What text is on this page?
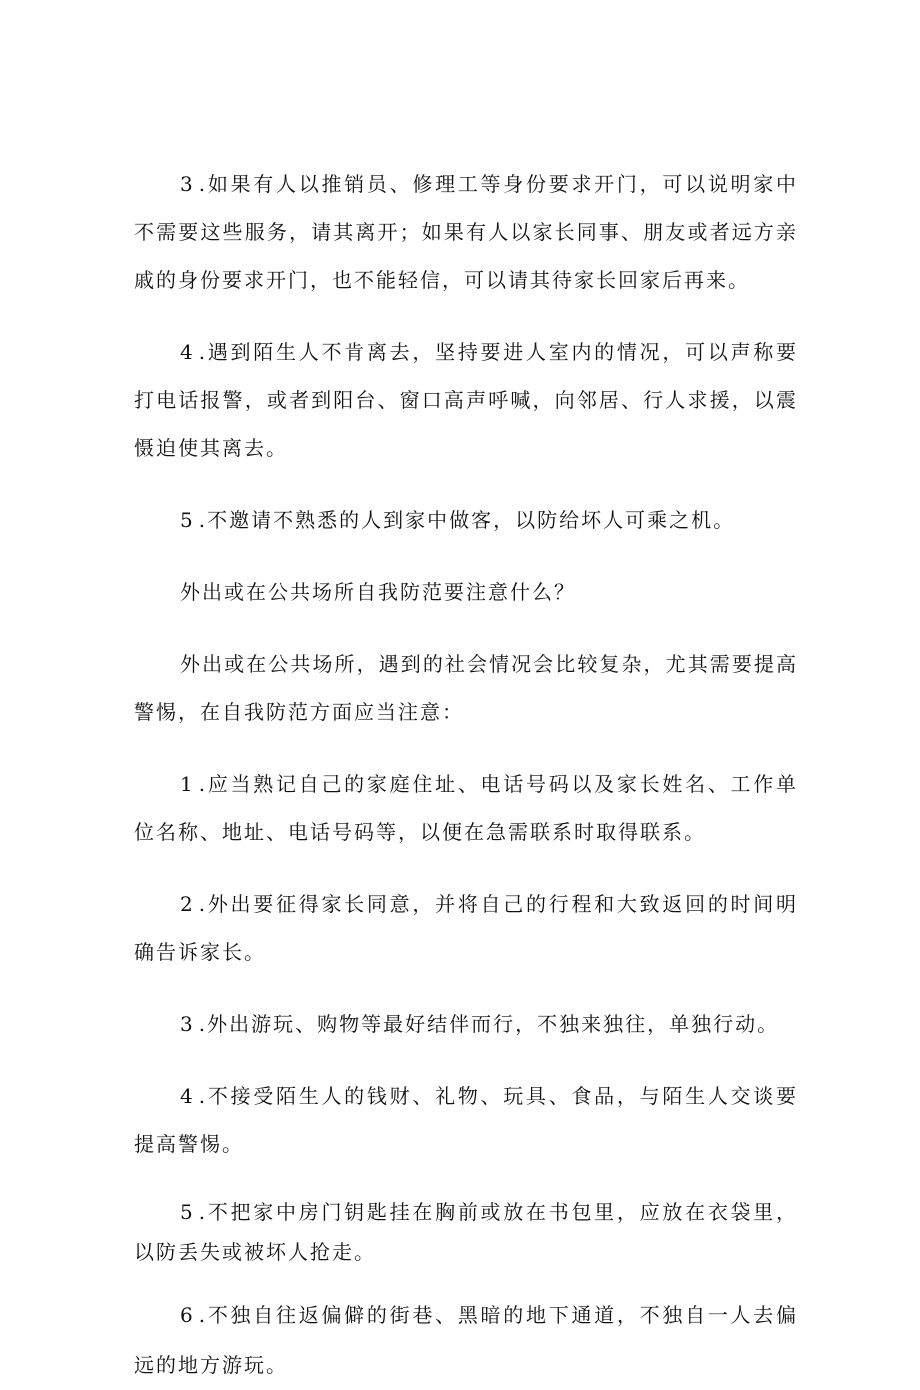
3 .如果有人以推销员、修理工等身份要求开门，可以说明家中不需要这些服务，请其离开；如果有人以家长同事、朋友或者远方亲戚的身份要求开门，也不能轻信，可以请其待家长回家后再来。

4 .遇到陌生人不肯离去，坚持要进人室内的情况，可以声称要打电话报警，或者到阳台、窗口高声呼喊，向邻居、行人求援，以震慑迫使其离去。

5 .不邀请不熟悉的人到家中做客，以防给坏人可乘之机。

外出或在公共场所自我防范要注意什么？

外出或在公共场所，遇到的社会情况会比较复杂，尤其需要提高警惕，在自我防范方面应当注意：

1 .应当熟记自己的家庭住址、电话号码以及家长姓名、工作单位名称、地址、电话号码等，以便在急需联系时取得联系。

2 .外出要征得家长同意，并将自己的行程和大致返回的时间明确告诉家长。

3 .外出游玩、购物等最好结伴而行，不独来独往，单独行动。

4 .不接受陌生人的钱财、礼物、玩具、食品，与陌生人交谈要提高警惕。

5 .不把家中房门钥匙挂在胸前或放在书包里，应放在衣袋里，以防丢失或被坏人抢走。

6 .不独自往返偏僻的街巷、黑暗的地下通道，不独自一人去偏远的地方游玩。
